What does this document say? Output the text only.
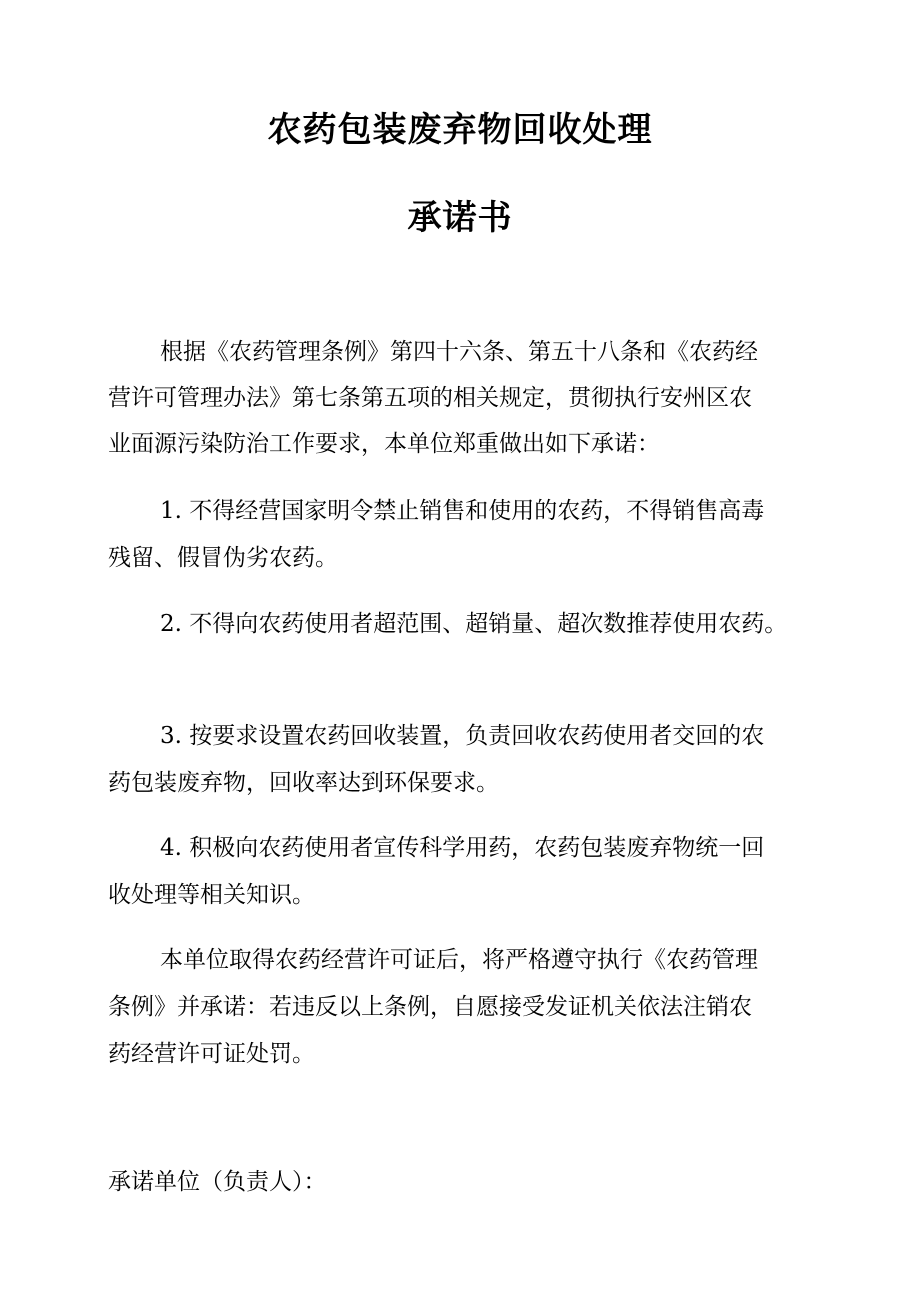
农药包装废弃物回收处理
承诺书
根据《农药管理条例》第四十六条、第五十八条和《农药经
营许可管理办法》第七条第五项的相关规定，贯彻执行安州区农
业面源污染防治工作要求，本单位郑重做出如下承诺：
1. 不得经营国家明令禁止销售和使用的农药，不得销售高毒
残留、假冒伪劣农药。
2. 不得向农药使用者超范围、超销量、超次数推荐使用农药。
3. 按要求设置农药回收装置，负责回收农药使用者交回的农
药包装废弃物，回收率达到环保要求。
4. 积极向农药使用者宣传科学用药，农药包装废弃物统一回
收处理等相关知识。
本单位取得农药经营许可证后，将严格遵守执行《农药管理
条例》并承诺：若违反以上条例，自愿接受发证机关依法注销农
药经营许可证处罚。
承诺单位（负责人）：
